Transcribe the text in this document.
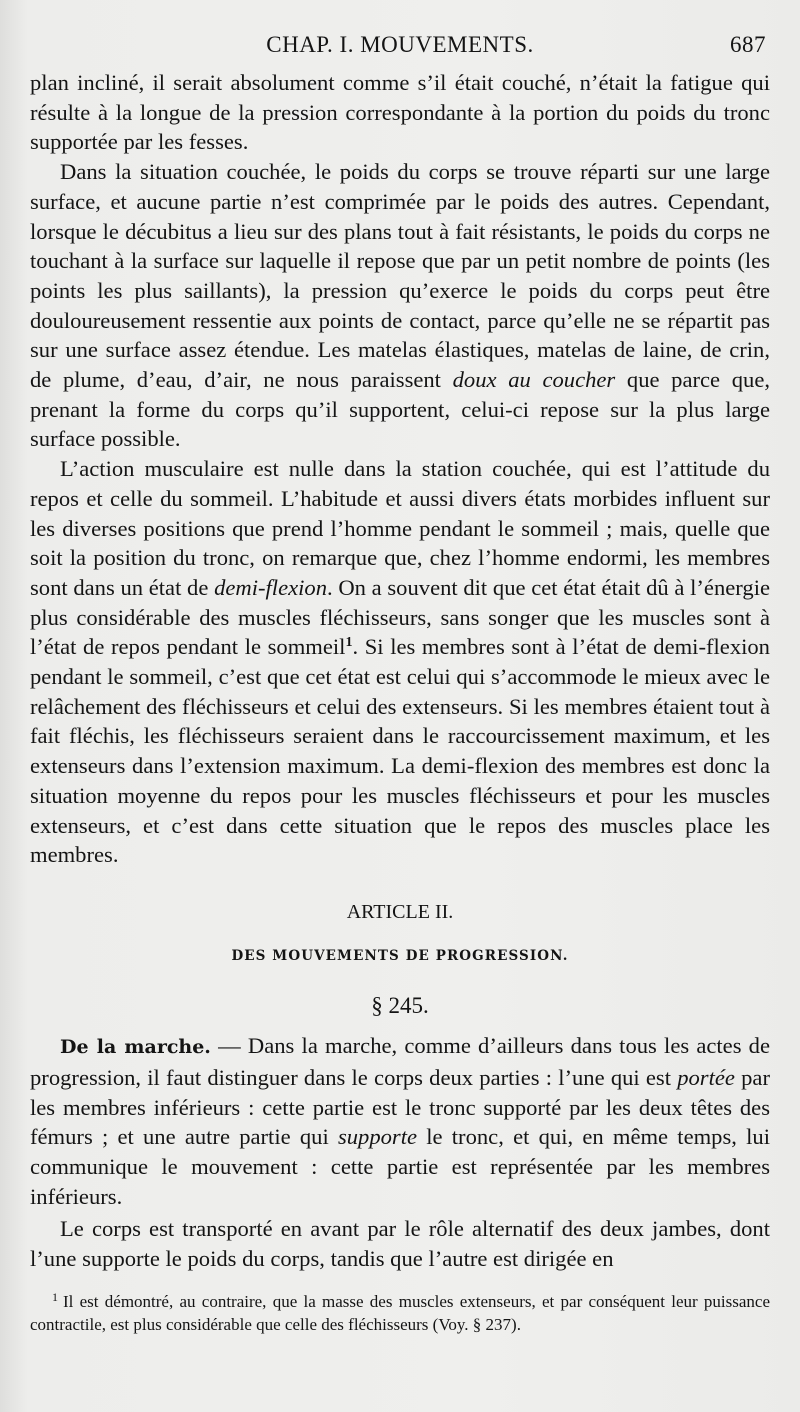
CHAP. I. MOUVEMENTS.	687

plan incliné, il serait absolument comme s’il était couché, n’était la fatigue qui résulte à la longue de la pression correspondante à la portion du poids du tronc supportée par les fesses.

Dans la situation couchée, le poids du corps se trouve réparti sur une large surface, et aucune partie n’est comprimée par le poids des autres. Cependant, lorsque le décubitus a lieu sur des plans tout à fait résistants, le poids du corps ne touchant à la surface sur laquelle il repose que par un petit nombre de points (les points les plus saillants), la pression qu’exerce le poids du corps peut être douloureusement ressentie aux points de contact, parce qu’elle ne se répartit pas sur une surface assez étendue. Les matelas élastiques, matelas de laine, de crin, de plume, d’eau, d’air, ne nous paraissent doux au coucher que parce que, prenant la forme du corps qu’il supportent, celui-ci repose sur la plus large surface possible.

L’action musculaire est nulle dans la station couchée, qui est l’attitude du repos et celle du sommeil. L’habitude et aussi divers états morbides influent sur les diverses positions que prend l’homme pendant le sommeil ; mais, quelle que soit la position du tronc, on remarque que, chez l’homme endormi, les membres sont dans un état de demi-flexion. On a souvent dit que cet état était dû à l’énergie plus considérable des muscles fléchisseurs, sans songer que les muscles sont à l’état de repos pendant le sommeil$^1$. Si les membres sont à l’état de demi-flexion pendant le sommeil, c’est que cet état est celui qui s’accommode le mieux avec le relâchement des fléchisseurs et celui des extenseurs. Si les membres étaient tout à fait fléchis, les fléchisseurs seraient dans le raccourcissement maximum, et les extenseurs dans l’extension maximum. La demi-flexion des membres est donc la situation moyenne du repos pour les muscles fléchisseurs et pour les muscles extenseurs, et c’est dans cette situation que le repos des muscles place les membres.

ARTICLE II.
DES MOUVEMENTS DE PROGRESSION.
§ 245.

De la marche. — Dans la marche, comme d’ailleurs dans tous les actes de progression, il faut distinguer dans le corps deux parties : l’une qui est portée par les membres inférieurs : cette partie est le tronc supporté par les deux têtes des fémurs ; et une autre partie qui supporte le tronc, et qui, en même temps, lui communique le mouvement : cette partie est représentée par les membres inférieurs.

Le corps est transporté en avant par le rôle alternatif des deux jambes, dont l’une supporte le poids du corps, tandis que l’autre est dirigée en

$^1$ Il est démontré, au contraire, que la masse des muscles extenseurs, et par conséquent leur puissance contractile, est plus considérable que celle des fléchisseurs (Voy. § 237).
